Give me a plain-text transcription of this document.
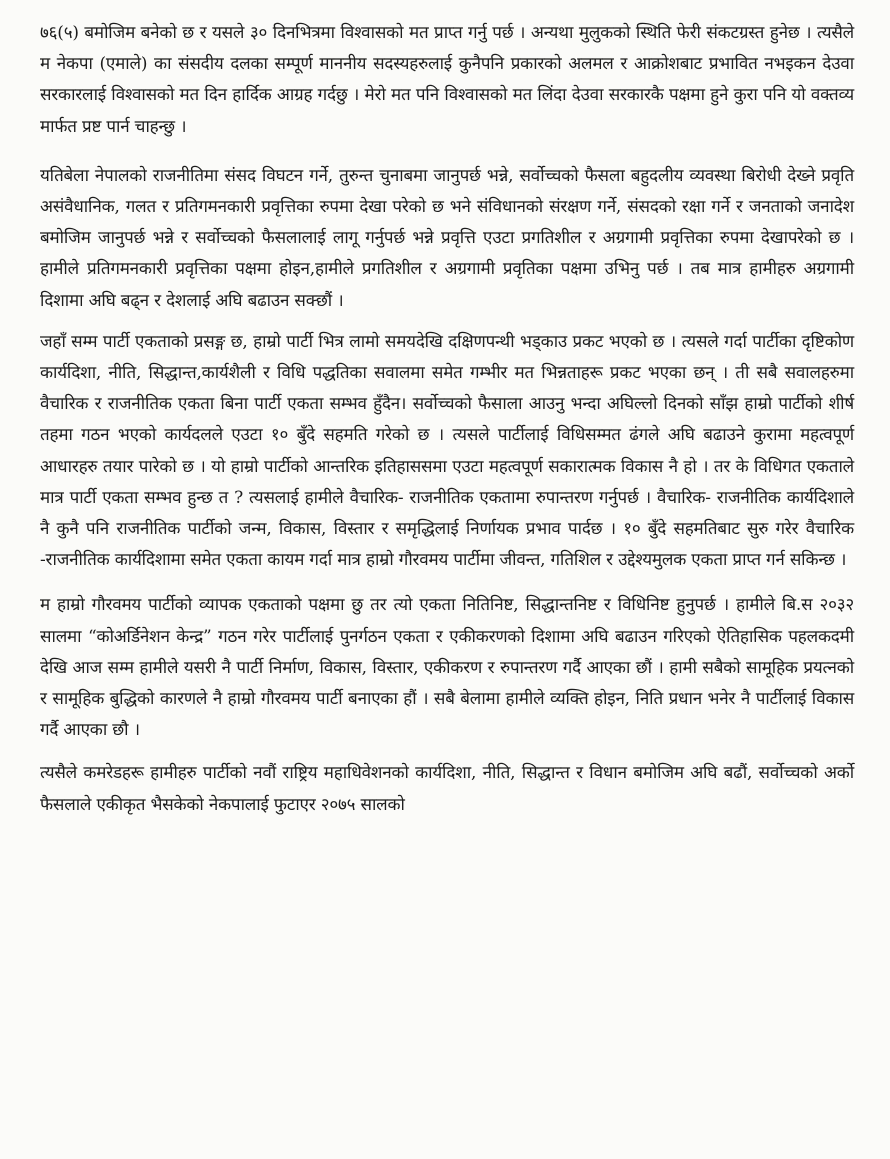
७६(५) बमोजिम बनेको छ र यसले ३० दिनभित्रमा विश्वासको मत प्राप्त गर्नु पर्छ । अन्यथा मुलुकको स्थिति फेरी संकटग्रस्त हुनेछ । त्यसैले म नेकपा (एमाले) का संसदीय दलका सम्पूर्ण माननीय सदस्यहरुलाई कुनैपनि प्रकारको अलमल र आक्रोशबाट प्रभावित नभइकन देउवा सरकारलाई विश्वासको मत दिन हार्दिक आग्रह गर्दछु । मेरो मत पनि विश्वासको मत लिंदा देउवा सरकारकै पक्षमा हुने कुरा पनि यो वक्तव्य मार्फत प्रष्ट पार्न चाहन्छु ।

यतिबेला नेपालको राजनीतिमा संसद विघटन गर्ने, तुरुन्त चुनाबमा जानुपर्छ भन्ने, सर्वोच्चको फैसला बहुदलीय व्यवस्था बिरोधी देख्ने प्रवृति असंवैधानिक, गलत र प्रतिगमनकारी प्रवृत्तिका रुपमा देखा परेको छ भने संविधानको संरक्षण गर्ने, संसदको रक्षा गर्ने र जनताको जनादेश बमोजिम जानुपर्छ भन्ने र सर्वोच्चको फैसलालाई लागू गर्नुपर्छ भन्ने प्रवृत्ति एउटा प्रगतिशील र अग्रगामी प्रवृत्तिका रुपमा देखापरेको छ । हामीले प्रतिगमनकारी प्रवृत्तिका पक्षमा होइन,हामीले प्रगतिशील र अग्रगामी प्रवृतिका पक्षमा उभिनु पर्छ । तब मात्र हामीहरु अग्रगामी दिशामा अघि बढ्न र देशलाई अघि बढाउन सक्छौं ।

जहाँ सम्म पार्टी एकताको प्रसङ्ग छ, हाम्रो पार्टी भित्र लामो समयदेखि दक्षिणपन्थी भड्काउ प्रकट भएको छ । त्यसले गर्दा पार्टीका दृष्टिकोण कार्यदिशा, नीति, सिद्धान्त,कार्यशैली र विधि पद्धतिका सवालमा समेत गम्भीर मत भिन्नताहरू प्रकट भएका छन् । ती सबै सवालहरुमा वैचारिक र राजनीतिक एकता बिना पार्टी एकता सम्भव हुँदैन। सर्वोच्चको फैसाला आउनु भन्दा अघिल्लो दिनको साँझ हाम्रो पार्टीको शीर्ष तहमा गठन भएको कार्यदलले एउटा १० बुँदे सहमति गरेको छ । त्यसले पार्टीलाई विधिसम्मत ढंगले अघि बढाउने कुरामा महत्वपूर्ण आधारहरु तयार पारेको छ । यो हाम्रो पार्टीको आन्तरिक इतिहाससमा एउटा महत्वपूर्ण सकारात्मक विकास नै हो । तर के विधिगत एकताले मात्र पार्टी एकता सम्भव हुन्छ त ? त्यसलाई हामीले वैचारिक- राजनीतिक एकतामा रुपान्तरण गर्नुपर्छ । वैचारिक- राजनीतिक कार्यदिशाले नै कुनै पनि राजनीतिक पार्टीको जन्म, विकास, विस्तार र समृद्धिलाई निर्णायक प्रभाव पार्दछ । १० बुँदे सहमतिबाट सुरु गरेर वैचारिक -राजनीतिक कार्यदिशामा समेत एकता कायम गर्दा मात्र हाम्रो गौरवमय पार्टीमा जीवन्त, गतिशिल र उद्देश्यमुलक एकता प्राप्त गर्न सकिन्छ ।

म हाम्रो गौरवमय पार्टीको व्यापक एकताको पक्षमा छु तर त्यो एकता नितिनिष्ट, सिद्धान्तनिष्ट र विधिनिष्ट हुनुपर्छ । हामीले बि.स २०३२ सालमा “कोअर्डिनेशन केन्द्र” गठन गरेर पार्टीलाई पुनर्गठन एकता र एकीकरणको दिशामा अघि बढाउन गरिएको ऐतिहासिक पहलकदमी देखि आज सम्म हामीले यसरी नै पार्टी निर्माण, विकास, विस्तार, एकीकरण र रुपान्तरण गर्दै आएका छौं । हामी सबैको सामूहिक प्रयत्नको र सामूहिक बुद्धिको कारणले नै हाम्रो गौरवमय पार्टी बनाएका हौं । सबै बेलामा हामीले व्यक्ति होइन, निति प्रधान भनेर नै पार्टीलाई विकास गर्दै आएका छौ ।

त्यसैले कमरेडहरू हामीहरु पार्टीको नवौं राष्ट्रिय महाधिवेशनको कार्यदिशा, नीति, सिद्धान्त र विधान बमोजिम अघि बढौं, सर्वोच्चको अर्को फैसलाले एकीकृत भैसकेको नेकपालाई फुटाएर २०७५ सालको
